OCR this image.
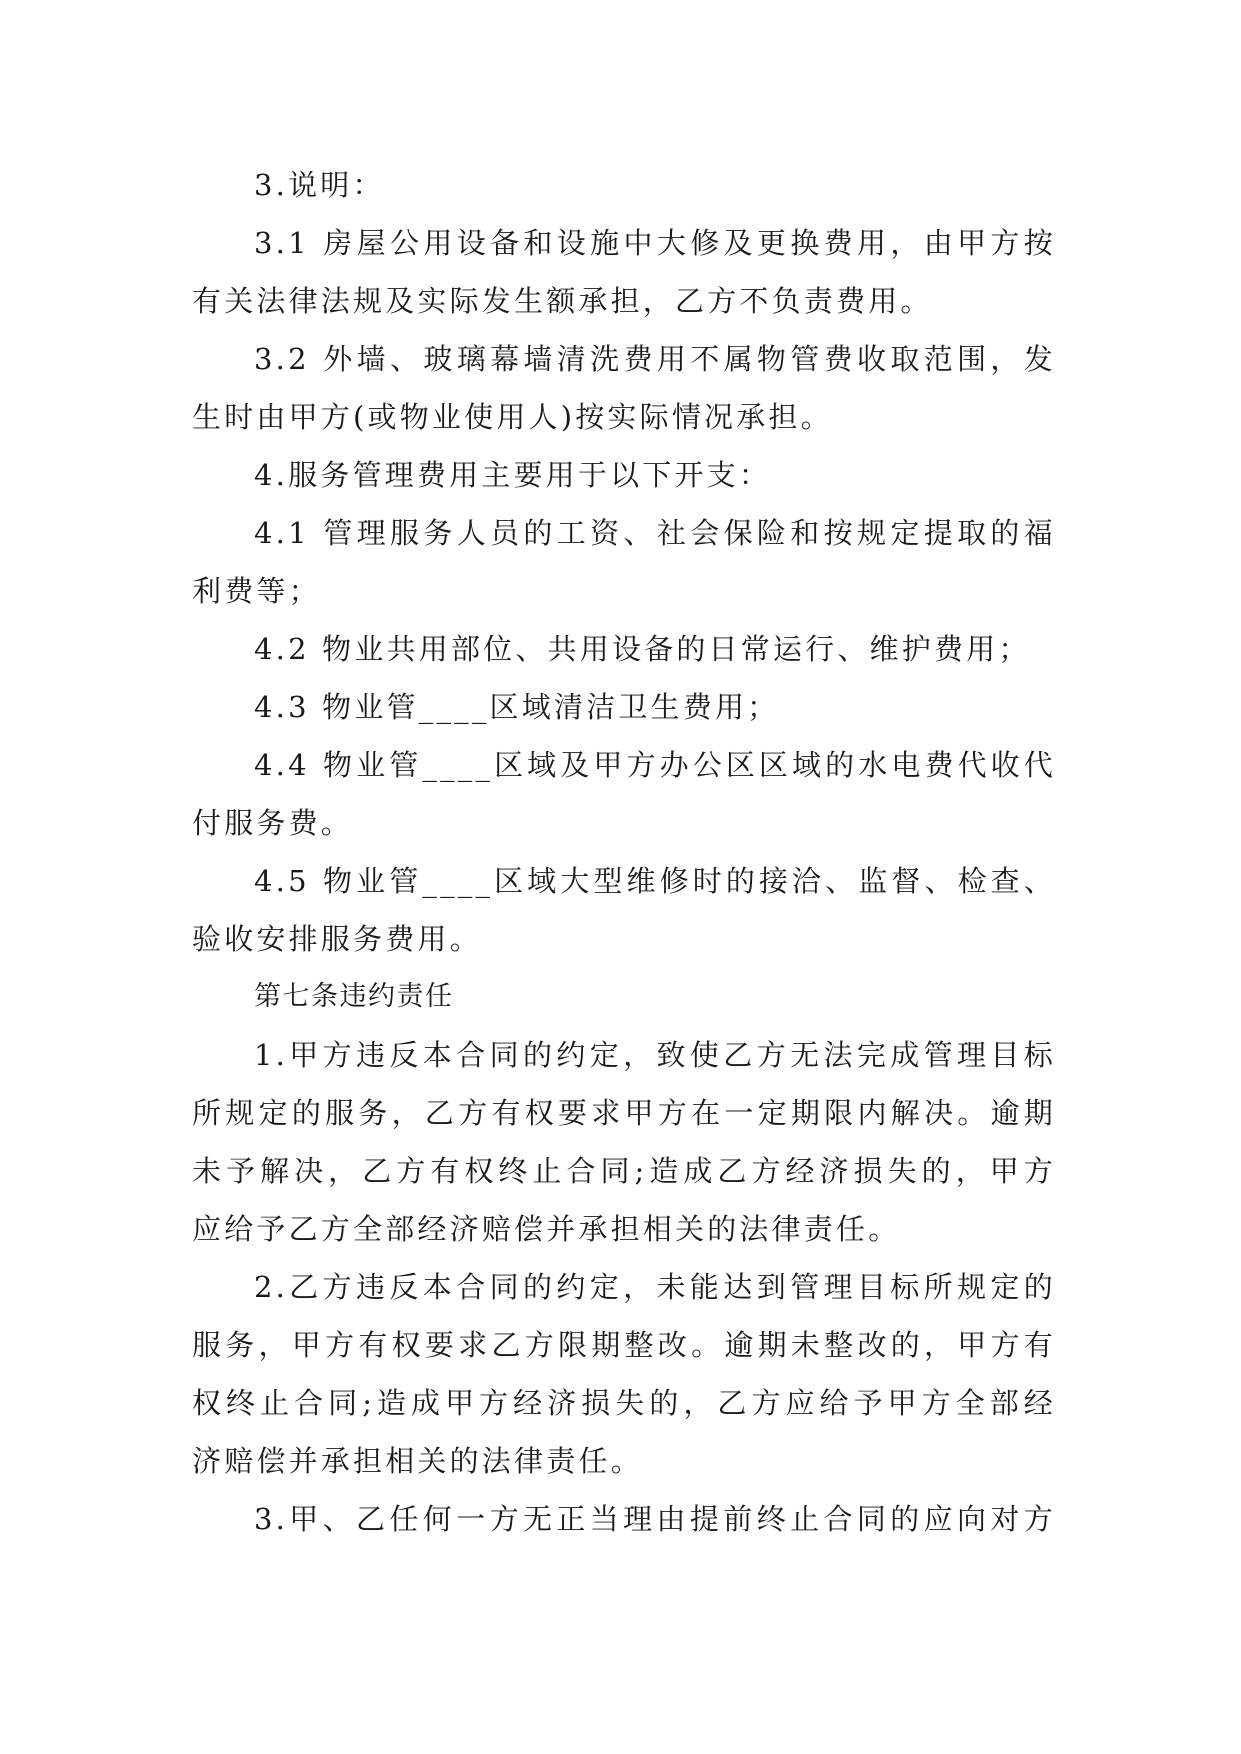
3.说明：
3.1 房屋公用设备和设施中大修及更换费用，由甲方按
有关法律法规及实际发生额承担，乙方不负责费用。
3.2 外墙、玻璃幕墙清洗费用不属物管费收取范围，发
生时由甲方(或物业使用人)按实际情况承担。
4.服务管理费用主要用于以下开支：
4.1 管理服务人员的工资、社会保险和按规定提取的福
利费等；
4.2 物业共用部位、共用设备的日常运行、维护费用；
4.3 物业管____区域清洁卫生费用；
4.4 物业管____区域及甲方办公区区域的水电费代收代
付服务费。
4.5 物业管____区域大型维修时的接洽、监督、检查、
验收安排服务费用。
第七条违约责任
1.甲方违反本合同的约定，致使乙方无法完成管理目标
所规定的服务，乙方有权要求甲方在一定期限内解决。逾期
未予解决，乙方有权终止合同;造成乙方经济损失的，甲方
应给予乙方全部经济赔偿并承担相关的法律责任。
2.乙方违反本合同的约定，未能达到管理目标所规定的
服务，甲方有权要求乙方限期整改。逾期未整改的，甲方有
权终止合同;造成甲方经济损失的，乙方应给予甲方全部经
济赔偿并承担相关的法律责任。
3.甲、乙任何一方无正当理由提前终止合同的应向对方
